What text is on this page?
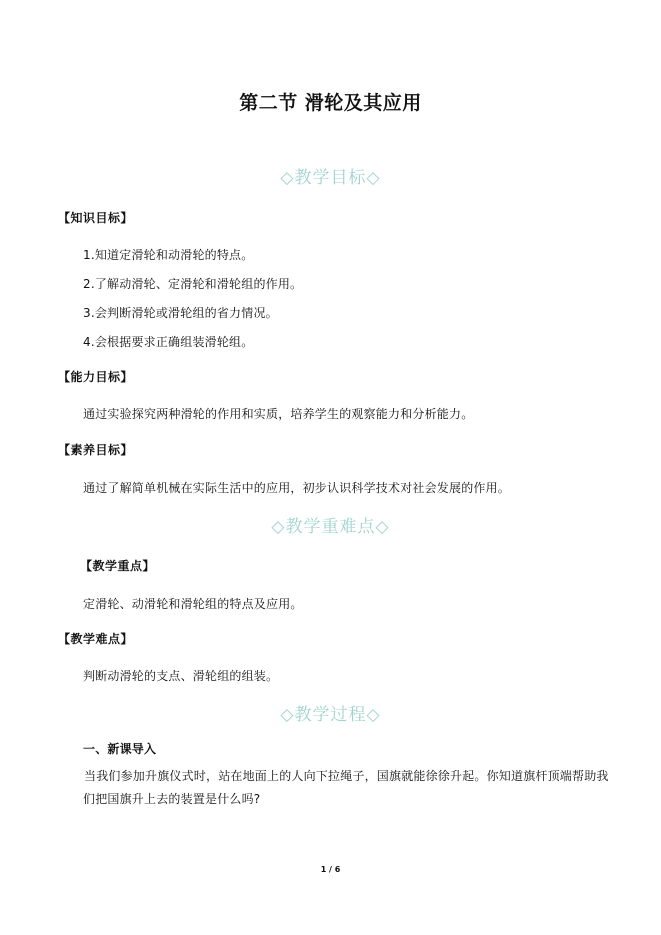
第二节 滑轮及其应用
◇教学目标◇
【知识目标】
1.知道定滑轮和动滑轮的特点。
2.了解动滑轮、定滑轮和滑轮组的作用。
3.会判断滑轮或滑轮组的省力情况。
4.会根据要求正确组装滑轮组。
【能力目标】
通过实验探究两种滑轮的作用和实质，培养学生的观察能力和分析能力。
【素养目标】
通过了解简单机械在实际生活中的应用，初步认识科学技术对社会发展的作用。
◇教学重难点◇
【教学重点】
定滑轮、动滑轮和滑轮组的特点及应用。
【教学难点】
判断动滑轮的支点、滑轮组的组装。
◇教学过程◇
一、新课导入
当我们参加升旗仪式时，站在地面上的人向下拉绳子，国旗就能徐徐升起。你知道旗杆顶端帮助我们把国旗升上去的装置是什么吗?
1 / 6
